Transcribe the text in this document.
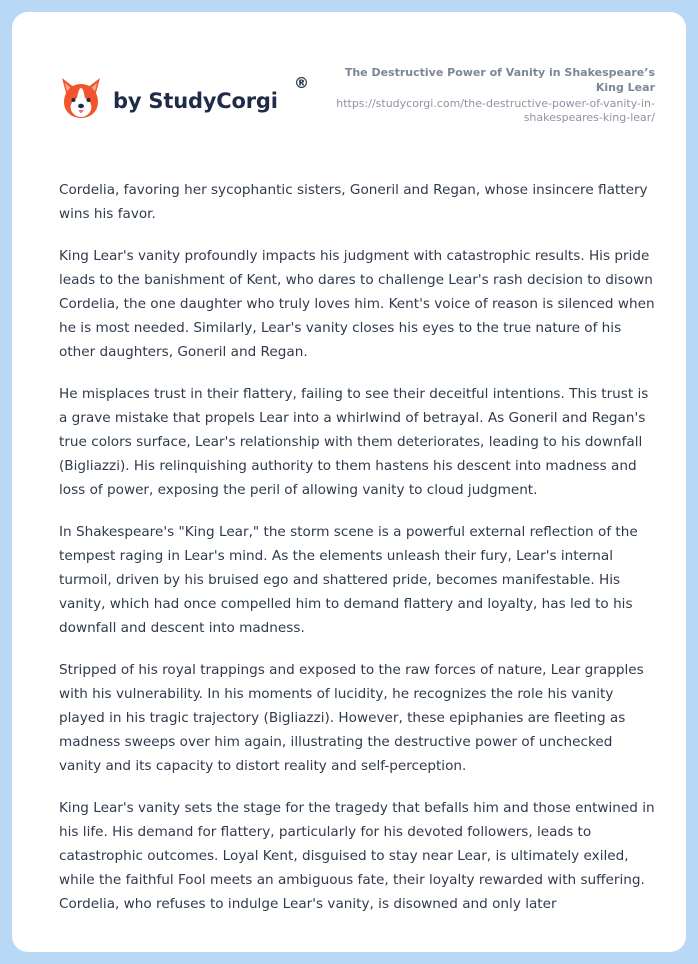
by StudyCorgi
®
The Destructive Power of Vanity in Shakespeare’s King Lear
https://studycorgi.com/the-destructive-power-of-vanity-in-shakespeares-king-lear/

Cordelia, favoring her sycophantic sisters, Goneril and Regan, whose insincere flattery wins his favor.

King Lear's vanity profoundly impacts his judgment with catastrophic results. His pride leads to the banishment of Kent, who dares to challenge Lear's rash decision to disown Cordelia, the one daughter who truly loves him. Kent's voice of reason is silenced when he is most needed. Similarly, Lear's vanity closes his eyes to the true nature of his other daughters, Goneril and Regan.

He misplaces trust in their flattery, failing to see their deceitful intentions. This trust is a grave mistake that propels Lear into a whirlwind of betrayal. As Goneril and Regan's true colors surface, Lear's relationship with them deteriorates, leading to his downfall (Bigliazzi). His relinquishing authority to them hastens his descent into madness and loss of power, exposing the peril of allowing vanity to cloud judgment.

In Shakespeare's "King Lear," the storm scene is a powerful external reflection of the tempest raging in Lear's mind. As the elements unleash their fury, Lear's internal turmoil, driven by his bruised ego and shattered pride, becomes manifestable. His vanity, which had once compelled him to demand flattery and loyalty, has led to his downfall and descent into madness.

Stripped of his royal trappings and exposed to the raw forces of nature, Lear grapples with his vulnerability. In his moments of lucidity, he recognizes the role his vanity played in his tragic trajectory (Bigliazzi). However, these epiphanies are fleeting as madness sweeps over him again, illustrating the destructive power of unchecked vanity and its capacity to distort reality and self-perception.

King Lear's vanity sets the stage for the tragedy that befalls him and those entwined in his life. His demand for flattery, particularly for his devoted followers, leads to catastrophic outcomes. Loyal Kent, disguised to stay near Lear, is ultimately exiled, while the faithful Fool meets an ambiguous fate, their loyalty rewarded with suffering. Cordelia, who refuses to indulge Lear's vanity, is disowned and only later
